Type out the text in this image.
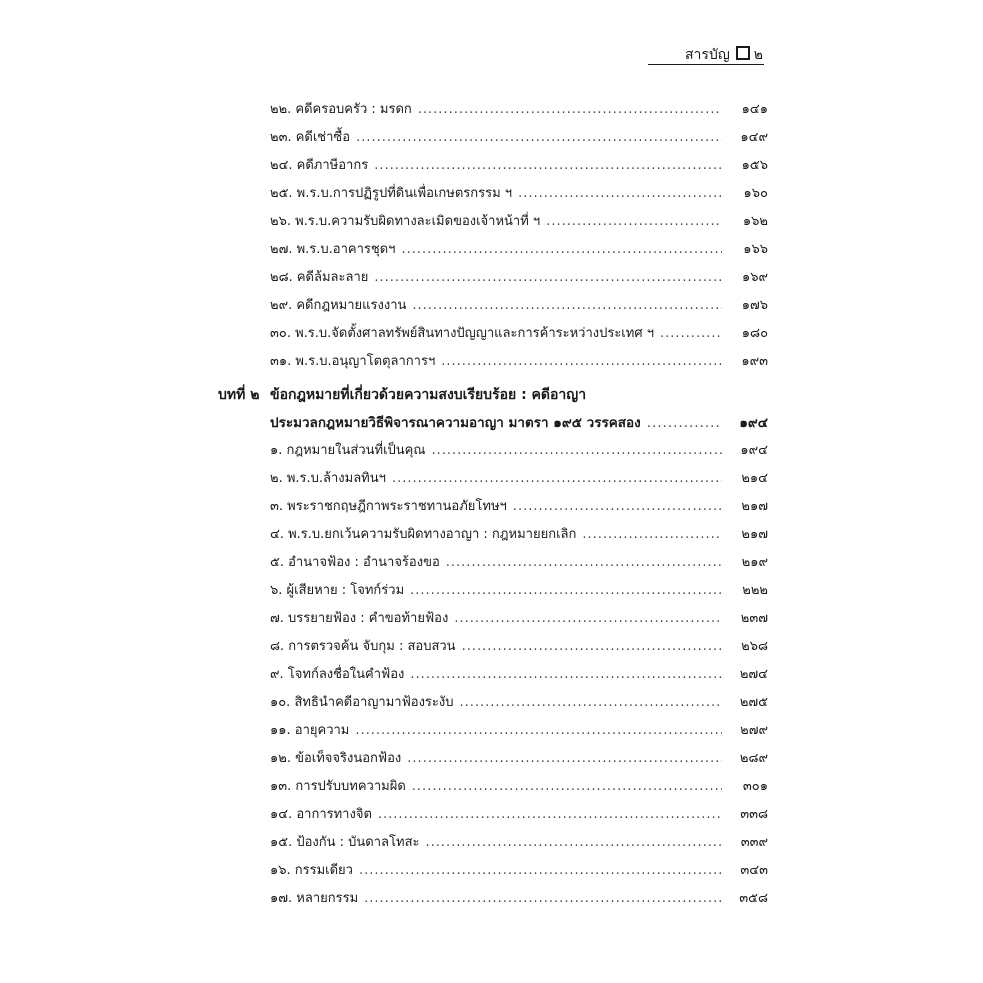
สารบัญ ๒
๒๒. คดีครอบครัว : มรดก .....	๑๔๑
๒๓. คดีเช่าซื้อ .....	๑๔๙
๒๔. คดีภาษีอากร .....	๑๕๖
๒๕. พ.ร.บ.การปฏิรูปที่ดินเพื่อเกษตรกรรม ฯ .....	๑๖๐
๒๖. พ.ร.บ.ความรับผิดทางละเมิดของเจ้าหน้าที่ ฯ .....	๑๖๒
๒๗. พ.ร.บ.อาคารชุดฯ .....	๑๖๖
๒๘. คดีล้มละลาย .....	๑๖๙
๒๙. คดีกฎหมายแรงงาน .....	๑๗๖
๓๐. พ.ร.บ.จัดตั้งศาลทรัพย์สินทางปัญญาและการค้าระหว่างประเทศ ฯ .....	๑๘๐
๓๑. พ.ร.บ.อนุญาโตตุลาการฯ .....	๑๙๓
บทที่ ๒ ข้อกฎหมายที่เกี่ยวด้วยความสงบเรียบร้อย : คดีอาญา
ประมวลกฎหมายวิธีพิจารณาความอาญา มาตรา ๑๙๕ วรรคสอง .....	๑๙๔
๑. กฎหมายในส่วนที่เป็นคุณ .....	๑๙๔
๒. พ.ร.บ.ล้างมลทินฯ .....	๒๑๔
๓. พระราชกฤษฎีกาพระราชทานอภัยโทษฯ .....	๒๑๗
๔. พ.ร.บ.ยกเว้นความรับผิดทางอาญา : กฎหมายยกเลิก .....	๒๑๗
๕. อำนาจฟ้อง : อำนาจร้องขอ .....	๒๑๙
๖. ผู้เสียหาย : โจทก์ร่วม .....	๒๒๒
๗. บรรยายฟ้อง : คำขอท้ายฟ้อง .....	๒๓๗
๘. การตรวจค้น จับกุม : สอบสวน .....	๒๖๘
๙. โจทก์ลงชื่อในคำฟ้อง .....	๒๗๔
๑๐. สิทธินำคดีอาญามาฟ้องระงับ .....	๒๗๕
๑๑. อายุความ .....	๒๗๙
๑๒. ข้อเท็จจริงนอกฟ้อง .....	๒๘๙
๑๓. การปรับบทความผิด .....	๓๐๑
๑๔. อาการทางจิต .....	๓๓๘
๑๕. ป้องกัน : บันดาลโทสะ .....	๓๓๙
๑๖. กรรมเดียว .....	๓๔๓
๑๗. หลายกรรม .....	๓๕๘
